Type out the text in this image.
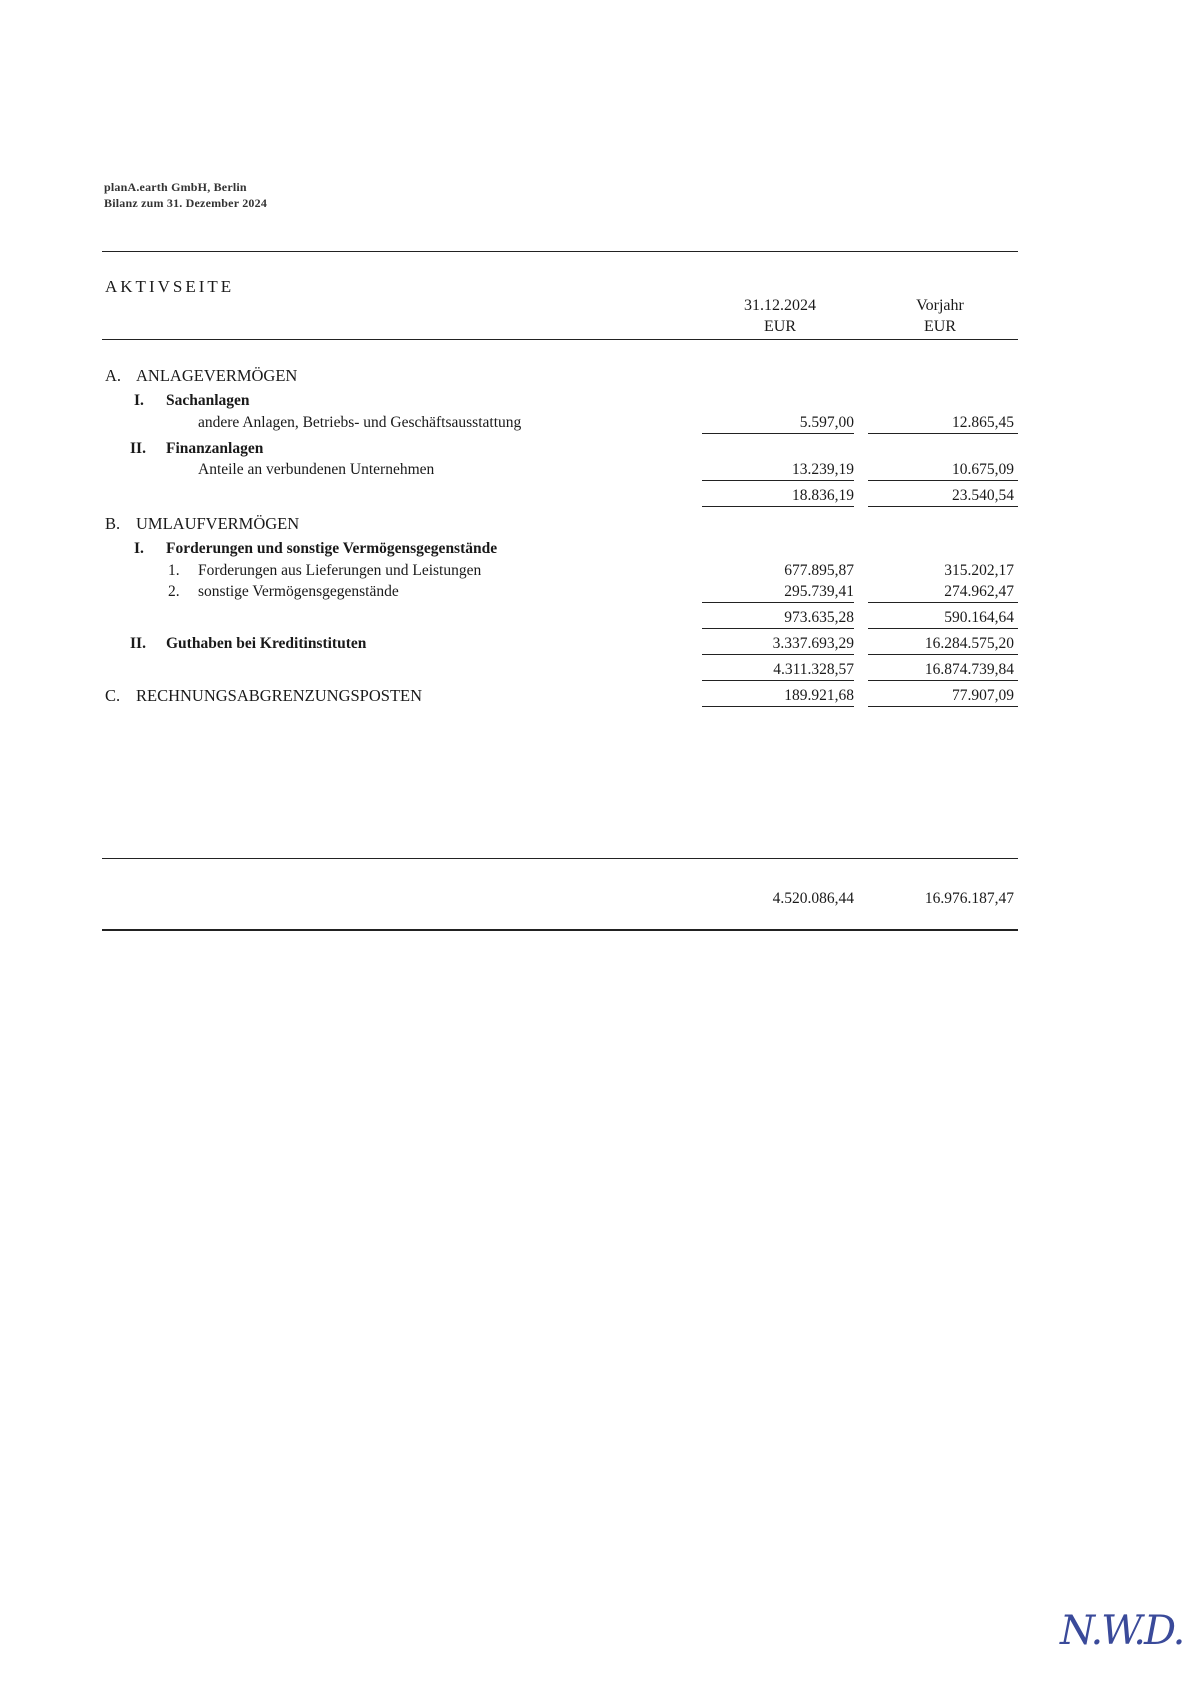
planA.earth GmbH, Berlin
Bilanz zum 31. Dezember 2024
AKTIVSEITE
31.12.2024
EUR
Vorjahr
EUR
A. ANLAGEVERMÖGEN
I. Sachanlagen
andere Anlagen, Betriebs- und Geschäftsausstattung	5.597,00	12.865,45
II. Finanzanlagen
Anteile an verbundenen Unternehmen	13.239,19	10.675,09
18.836,19	23.540,54
B. UMLAUFVERMÖGEN
I. Forderungen und sonstige Vermögensgegenstände
1. Forderungen aus Lieferungen und Leistungen	677.895,87	315.202,17
2. sonstige Vermögensgegenstände	295.739,41	274.962,47
973.635,28	590.164,64
II. Guthaben bei Kreditinstituten	3.337.693,29	16.284.575,20
4.311.328,57	16.874.739,84
C. RECHNUNGSABGRENZUNGSPOSTEN	189.921,68	77.907,09
4.520.086,44	16.976.187,47
N.W.D.
